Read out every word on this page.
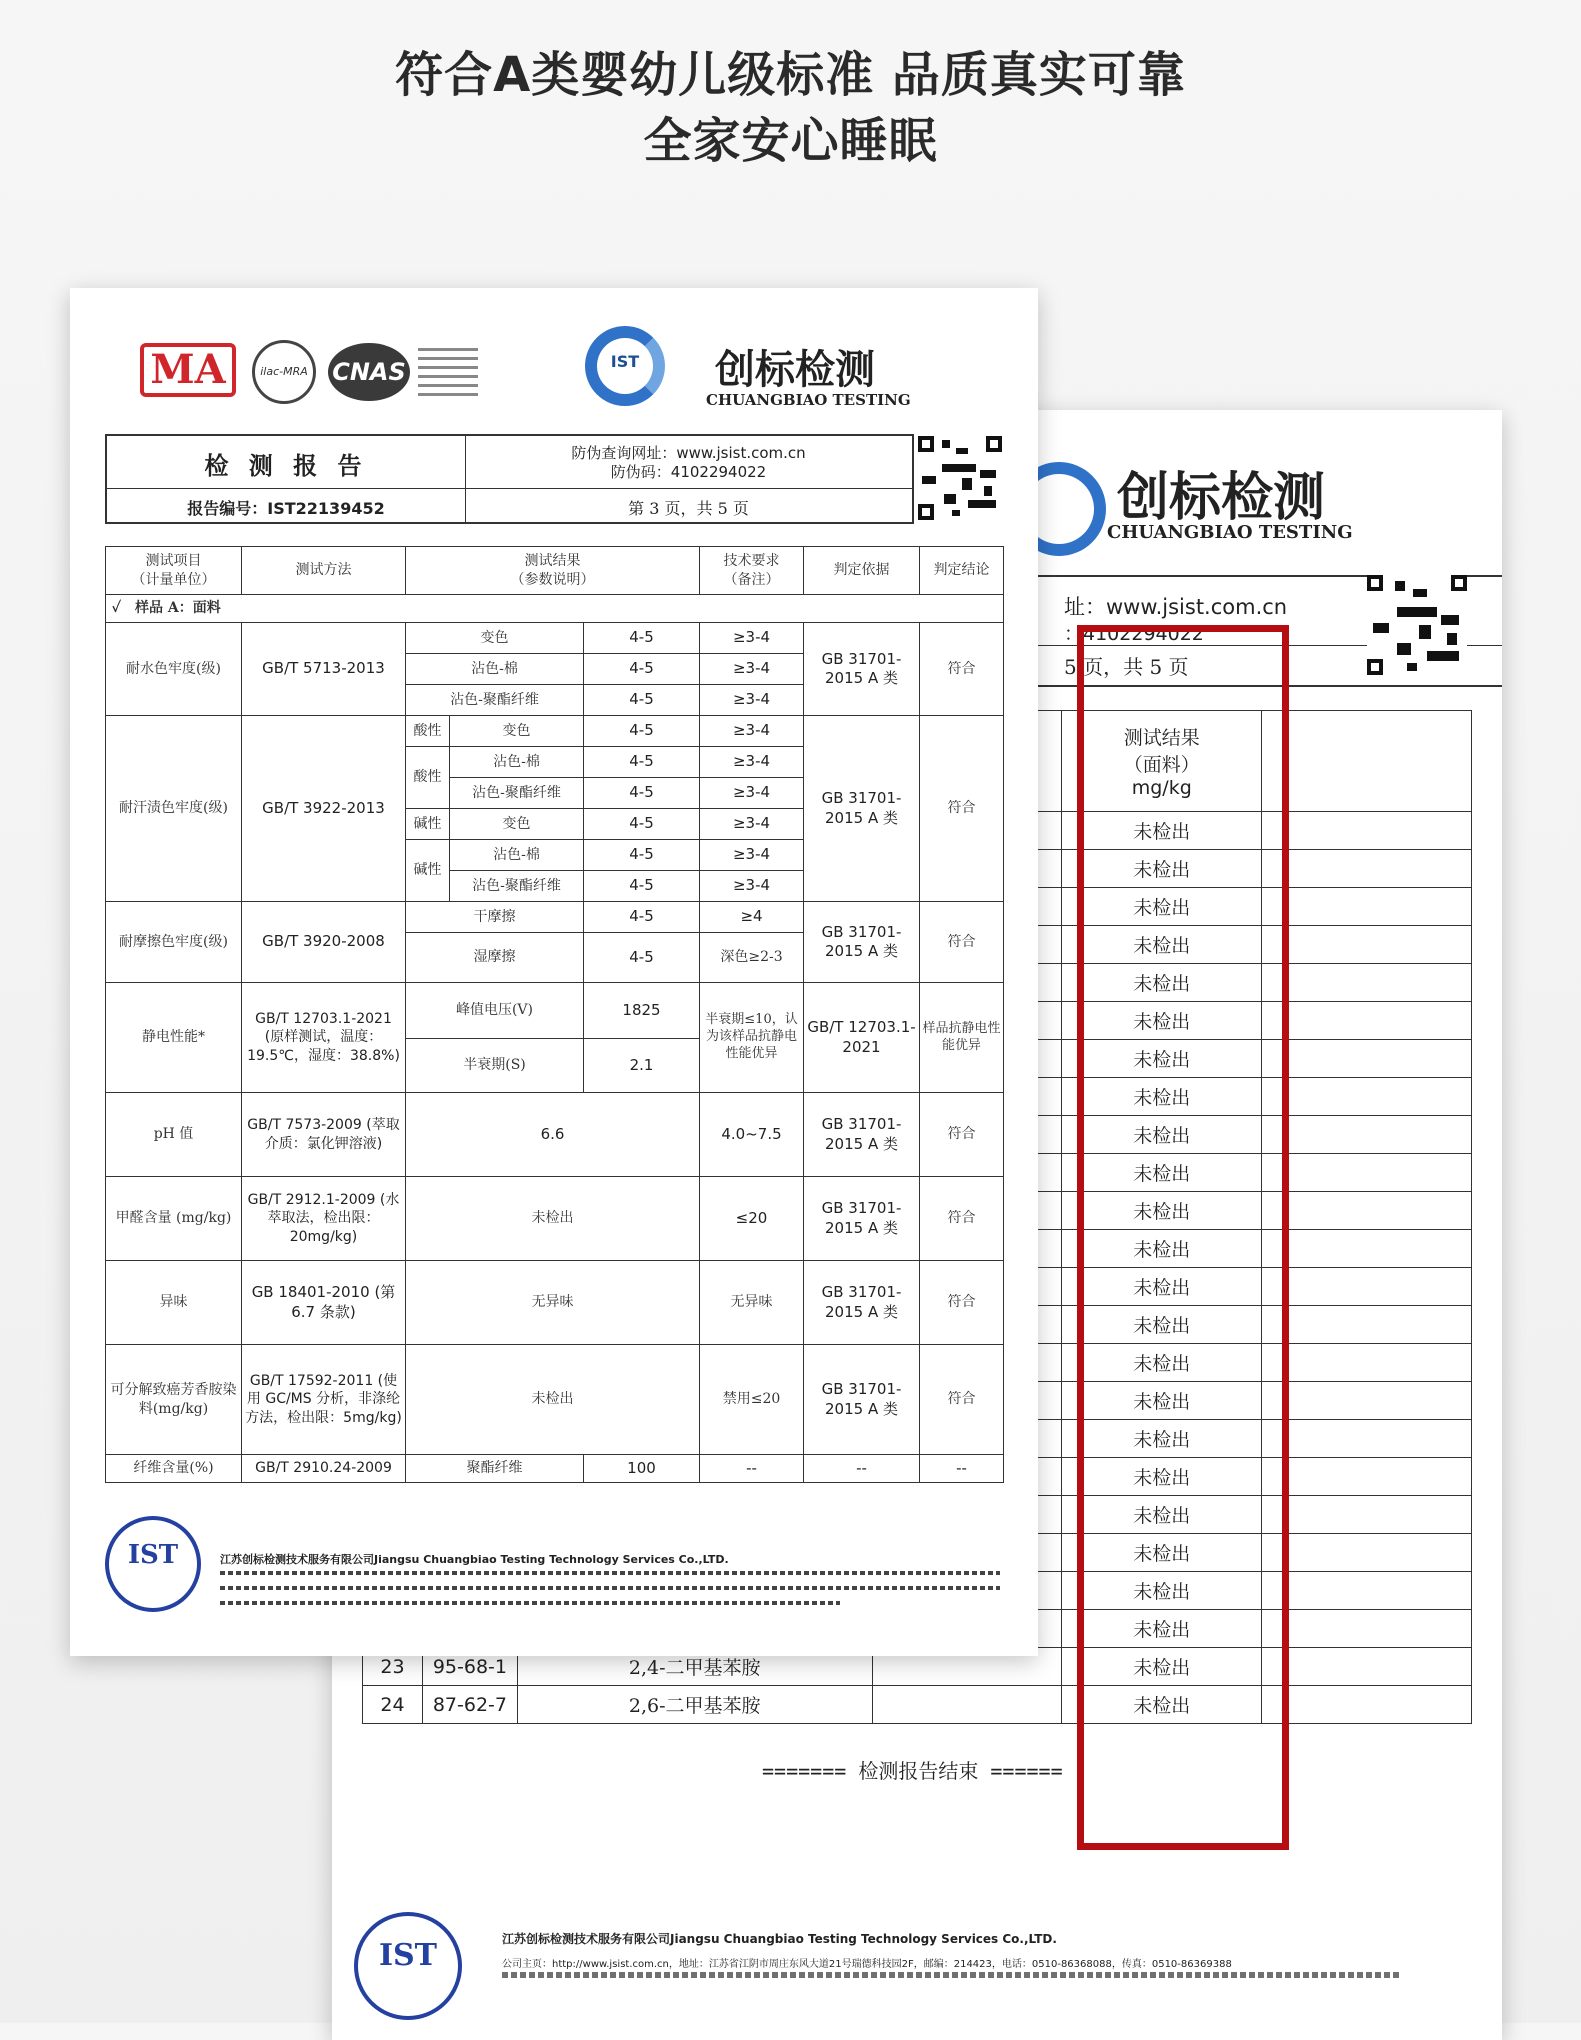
符合A类婴幼儿级标准 品质真实可靠
全家安心睡眠
创标检测
CHUANGBIAO TESTING
址：www.jsist.com.cn
：4102294022
5 页，共 5 页

				测试结果
（面料）
mg/kg	

				未检出	
				未检出	
				未检出	
				未检出	
				未检出	
				未检出	
				未检出	
				未检出	
				未检出	
				未检出	
				未检出	
				未检出	
				未检出	
				未检出	
				未检出	
				未检出	
				未检出	
				未检出	
				未检出	
				未检出	
				未检出	
				未检出	
23	95-68-1	2,4-二甲基苯胺		未检出	
24	87-62-7	2,6-二甲基苯胺		未检出	
======= 检测报告结束 ======
IST	江苏创标检测技术服务有限公司Jiangsu Chuangbiao Testing Technology Services Co.,LTD.
公司主页：http://www.jsist.com.cn，地址：江苏省江阴市周庄东风大道21号瑞德科技园2F，邮编：214423，电话：0510-86368088，传真：0510-86369388
MA	ilac-MRA	CNAS	IST	创标检测
CHUANGBIAO TESTING
检 测 报 告
报告编号：IST22139452
防伪查询网址：www.jsist.com.cn
防伪码：4102294022
第 3 页，共 5 页
测试项目
（计量单位）	测试方法	测试结果
（参数说明）			技术要求
（备注）	判定依据	判定结论
✓　样品 A：面料							
耐水色牢度(级)	GB/T 5713-2013	变色		4-5	≥3-4	GB 31701-2015 A 类	符合
		沾色-棉		4-5	≥3-4		
		沾色-聚酯纤维		4-5	≥3-4		
耐汗渍色牢度(级)	GB/T 3922-2013	酸性	变色	4-5	≥3-4	GB 31701-2015 A 类	符合
		酸性	沾色-棉	4-5	≥3-4		
			沾色-聚酯纤维	4-5	≥3-4		
		碱性	变色	4-5	≥3-4		
		碱性	沾色-棉	4-5	≥3-4		
			沾色-聚酯纤维	4-5	≥3-4		
耐摩擦色牢度(级)	GB/T 3920-2008	干摩擦		4-5	≥4	GB 31701-2015 A 类	符合
		湿摩擦		4-5	深色≥2-3		
静电性能*	GB/T 12703.1-2021 (原样测试，温度：19.5℃，湿度：38.8%)	峰值电压(V)		1825	半衰期≤10，认为该样品抗静电性能优异	GB/T 12703.1-2021	样品抗静电性能优异
		半衰期(S)		2.1			
pH 值	GB/T 7573-2009 (萃取介质：氯化钾溶液)	6.6			4.0~7.5	GB 31701-2015 A 类	符合
甲醛含量 (mg/kg)	GB/T 2912.1-2009 (水萃取法，检出限：20mg/kg)	未检出			≤20	GB 31701-2015 A 类	符合
异味	GB 18401-2010 (第 6.7 条款)	无异味			无异味	GB 31701-2015 A 类	符合
可分解致癌芳香胺染料(mg/kg)	GB/T 17592-2011 (使用 GC/MS 分析，非涤纶方法，检出限：5mg/kg)	未检出			禁用≤20	GB 31701-2015 A 类	符合
纤维含量(%)	GB/T 2910.24-2009	聚酯纤维		100	--	--	--
IST	江苏创标检测技术服务有限公司Jiangsu Chuangbiao Testing Technology Services Co.,LTD.
